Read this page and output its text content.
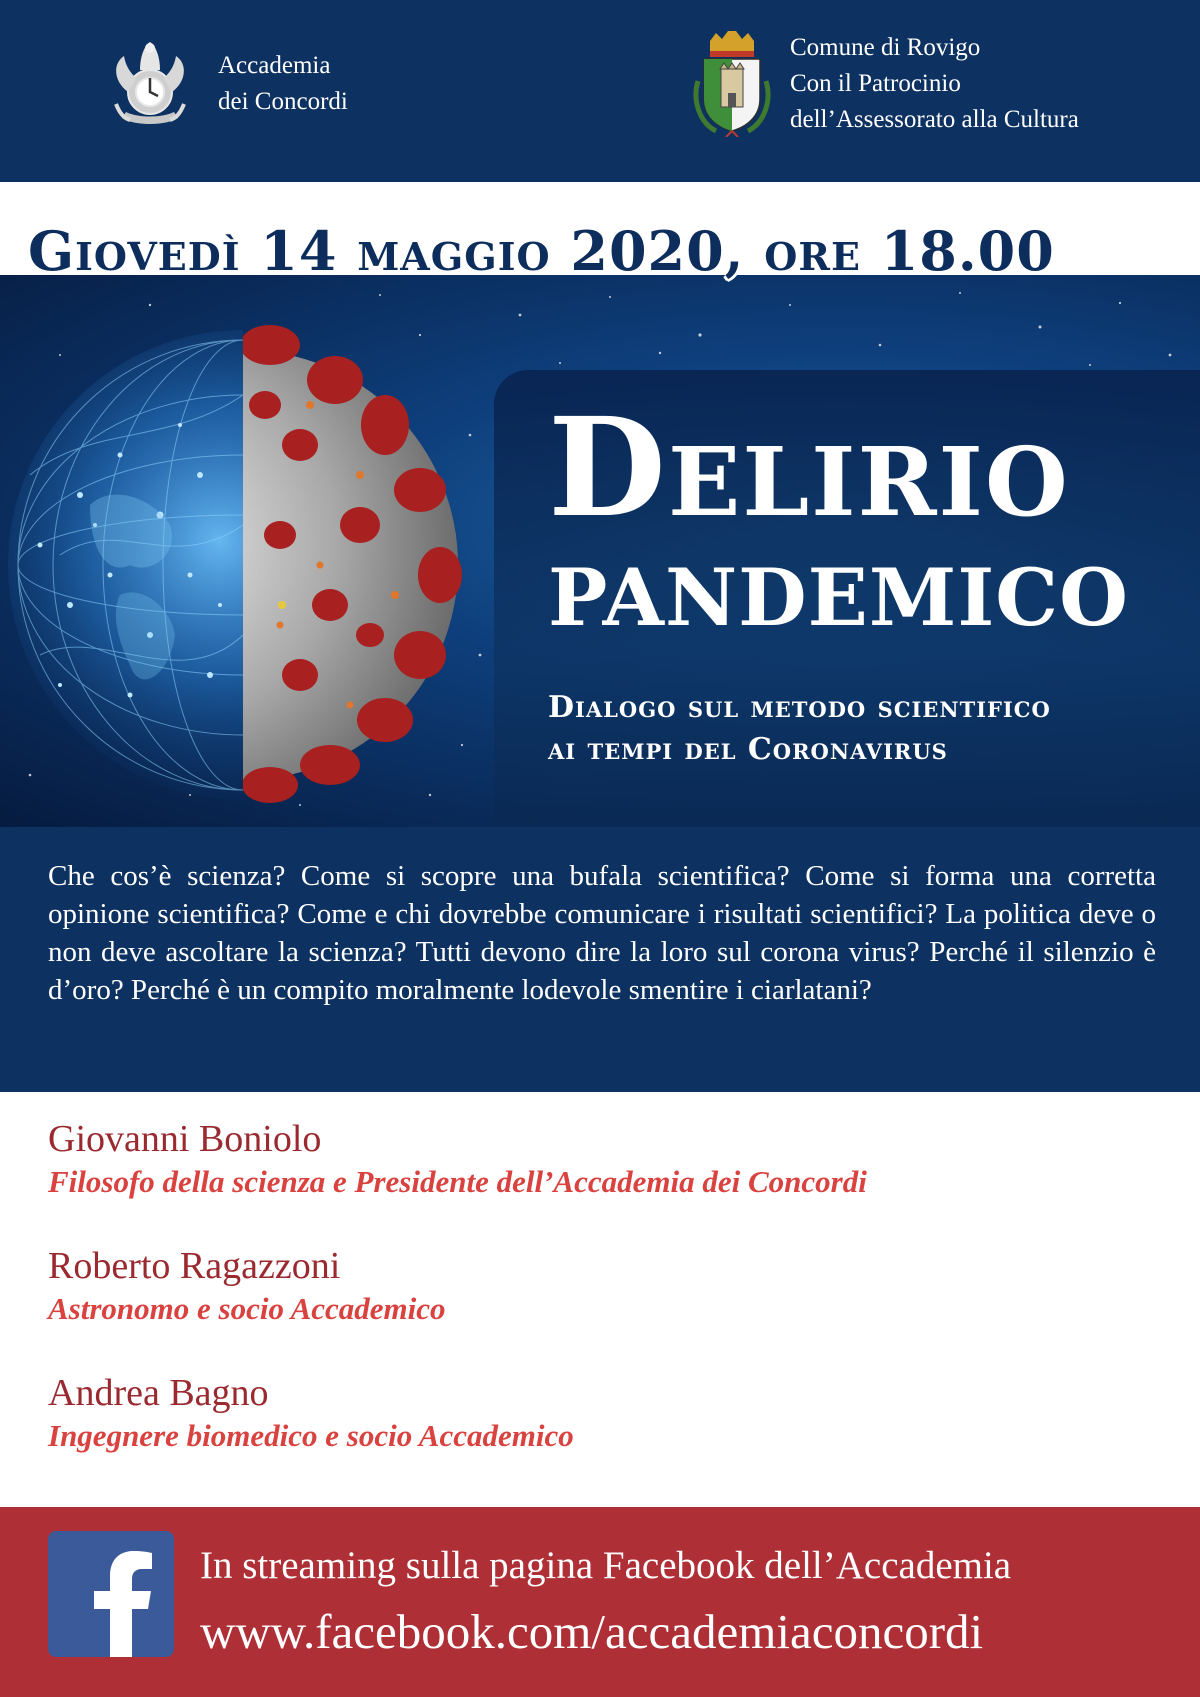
Accademia
dei Concordi
Comune di Rovigo
Con il Patrocinio
dell’Assessorato alla Cultura
Giovedì 14 maggio 2020, ore 18.00
Delirio
PANDEMICO
Dialogo sul metodo scientifico
ai tempi del Coronavirus

Che cos’è scienza? Come si scopre una bufala scientifica? Come si forma una corretta opinione scientifica? Come e chi dovrebbe comunicare i risultati scientifici? La politica deve o non deve ascoltare la scienza? Tutti devono dire la loro sul corona virus? Perché il silenzio è d’oro? Perché è un compito moralmente lodevole smentire i ciarlatani?

Giovanni Boniolo
Filosofo della scienza e Presidente dell’Accademia dei Concordi
Roberto Ragazzoni
Astronomo e socio Accademico
Andrea Bagno
Ingegnere biomedico e socio Accademico
In streaming sulla pagina Facebook dell’Accademia
www.facebook.com/accademiaconcordi
